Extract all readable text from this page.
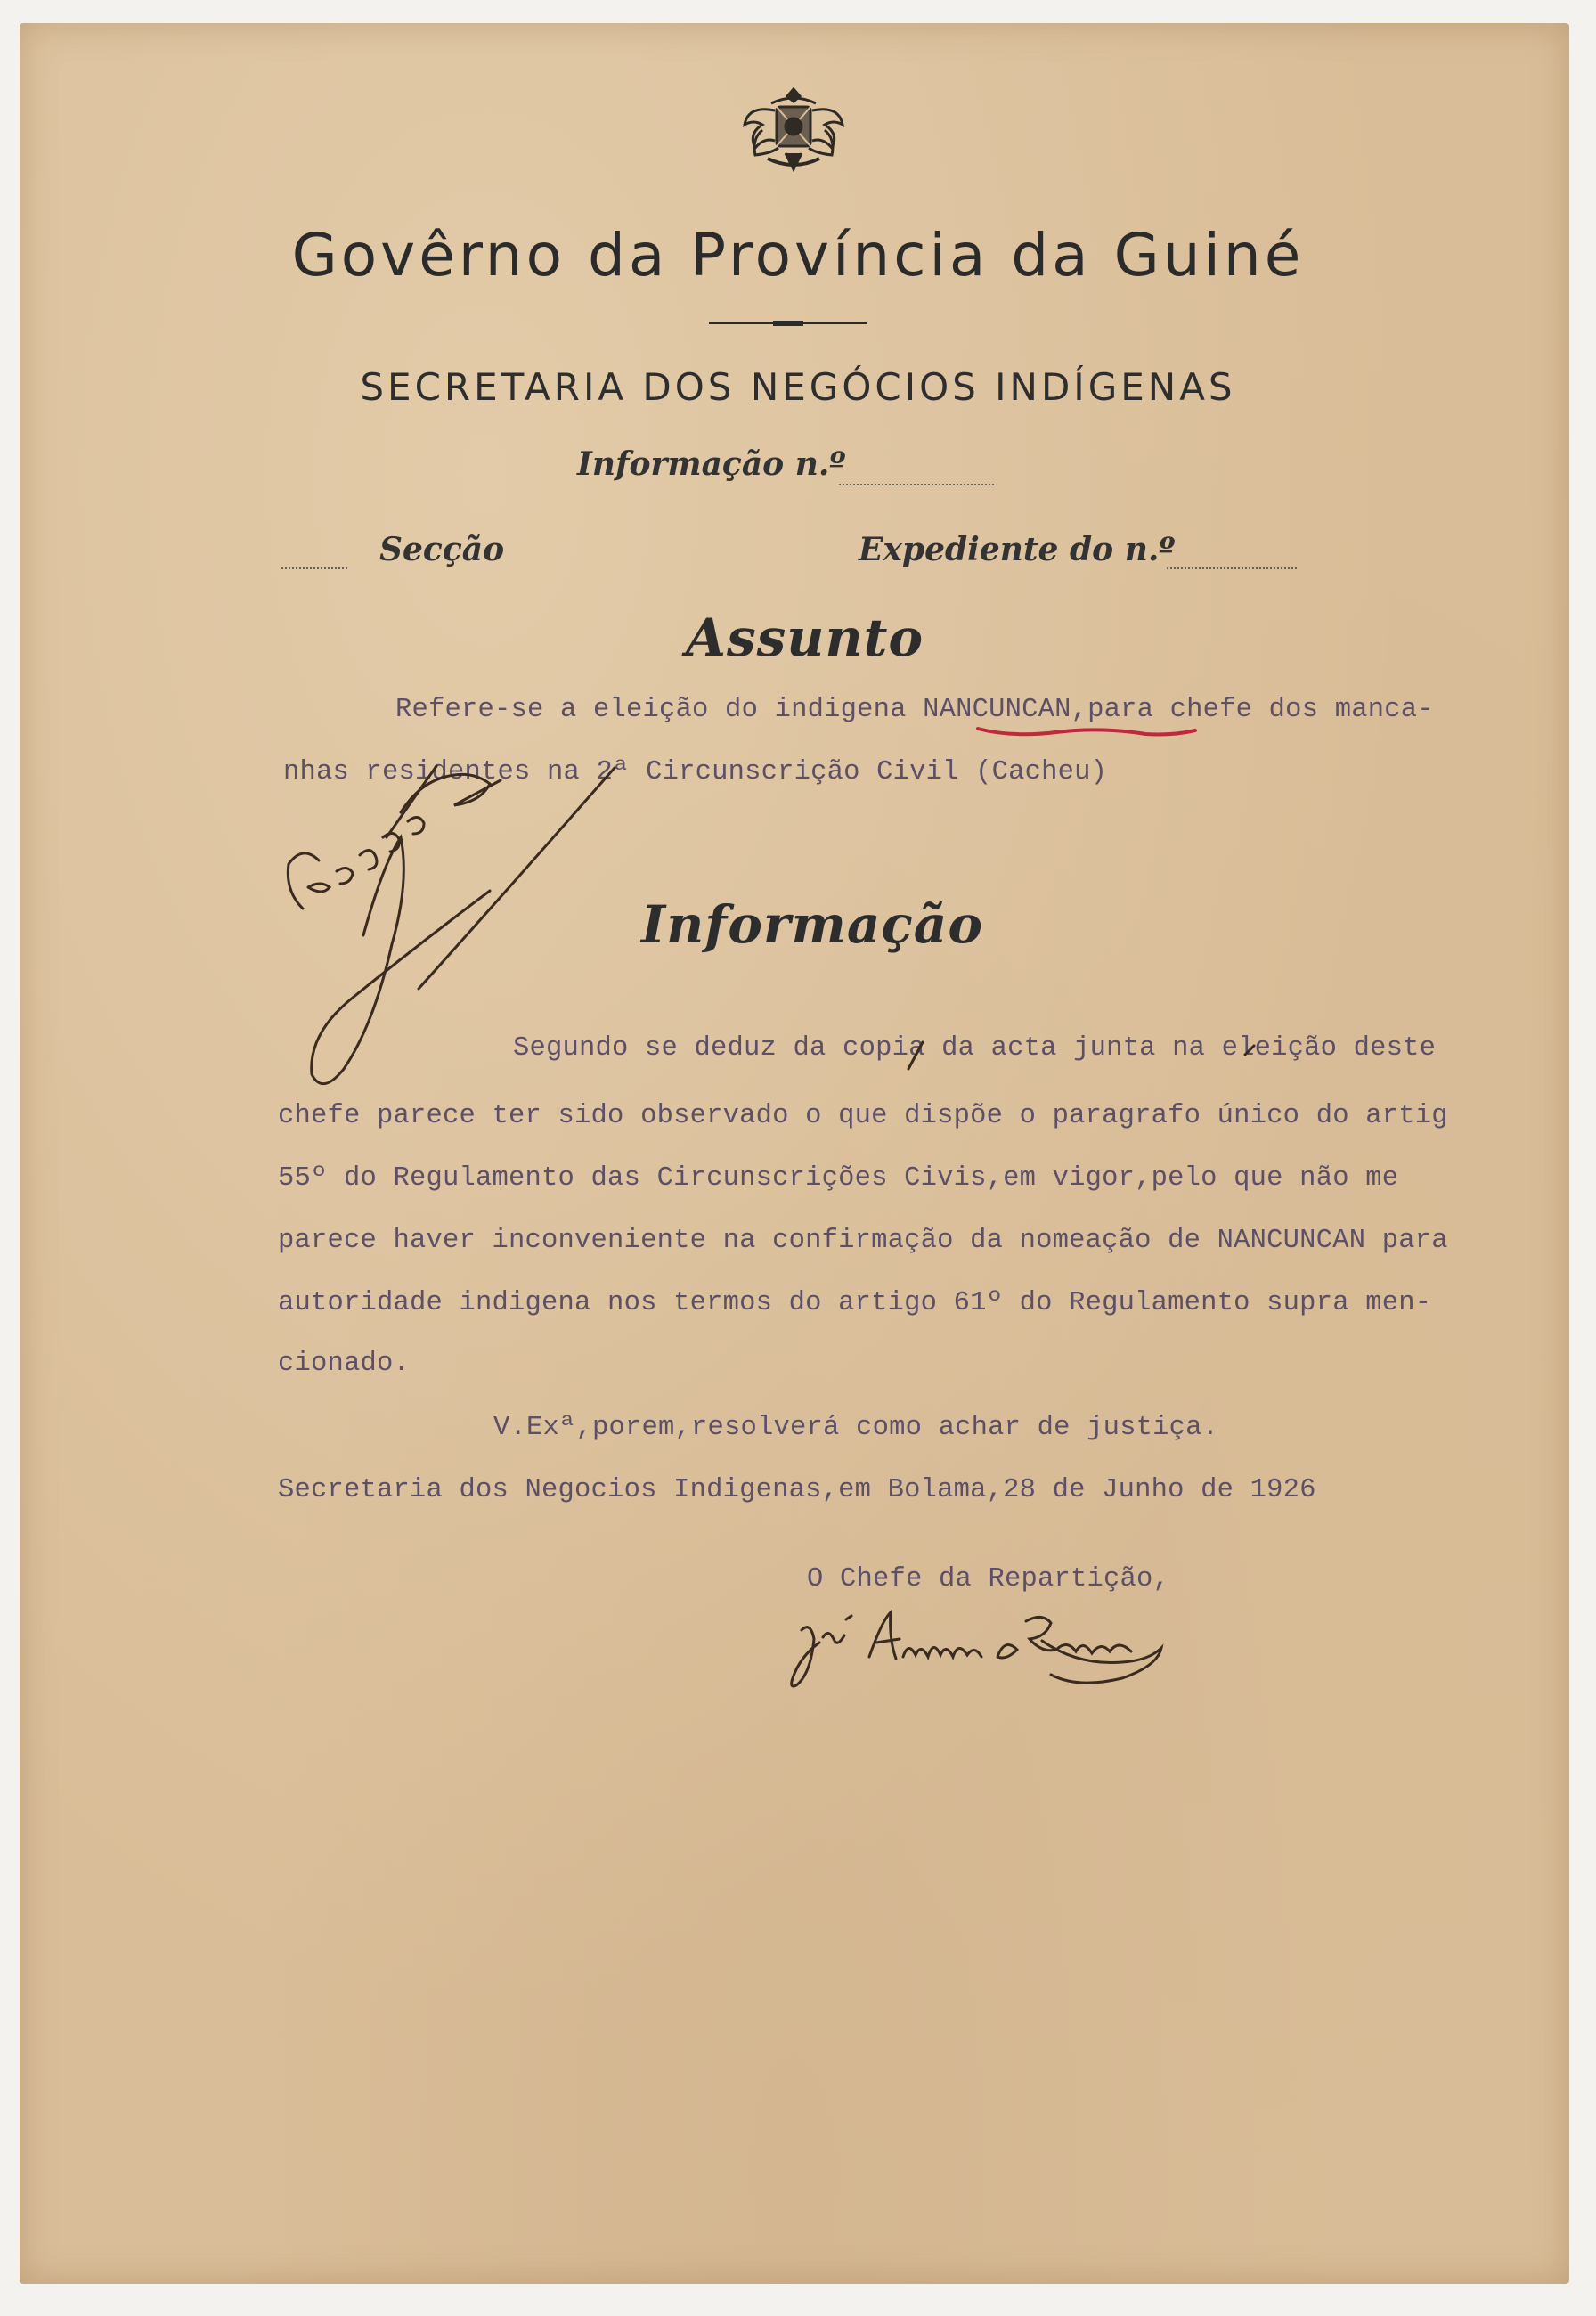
Govêrno da Província da Guiné
SECRETARIA DOS NEGÓCIOS INDÍGENAS
Informação n.º
Secção	Expediente do n.º
Assunto
Refere-se a eleição do indigena NANCUNCAN,para chefe dos manca-
nhas residentes na 2ª Circunscrição Civil (Cacheu)
Informação
Segundo se deduz da copia da acta junta na eleição deste
chefe parece ter sido observado o que dispõe o paragrafo único do artig
55º do Regulamento das Circunscrições Civis,em vigor,pelo que não me
parece haver inconveniente na confirmação da nomeação de NANCUNCAN para
autoridade indigena nos termos do artigo 61º do Regulamento supra men-
cionado.
V.Exª,porem,resolverá como achar de justiça.
Secretaria dos Negocios Indigenas,em Bolama,28 de Junho de 1926
O Chefe da Repartição,
